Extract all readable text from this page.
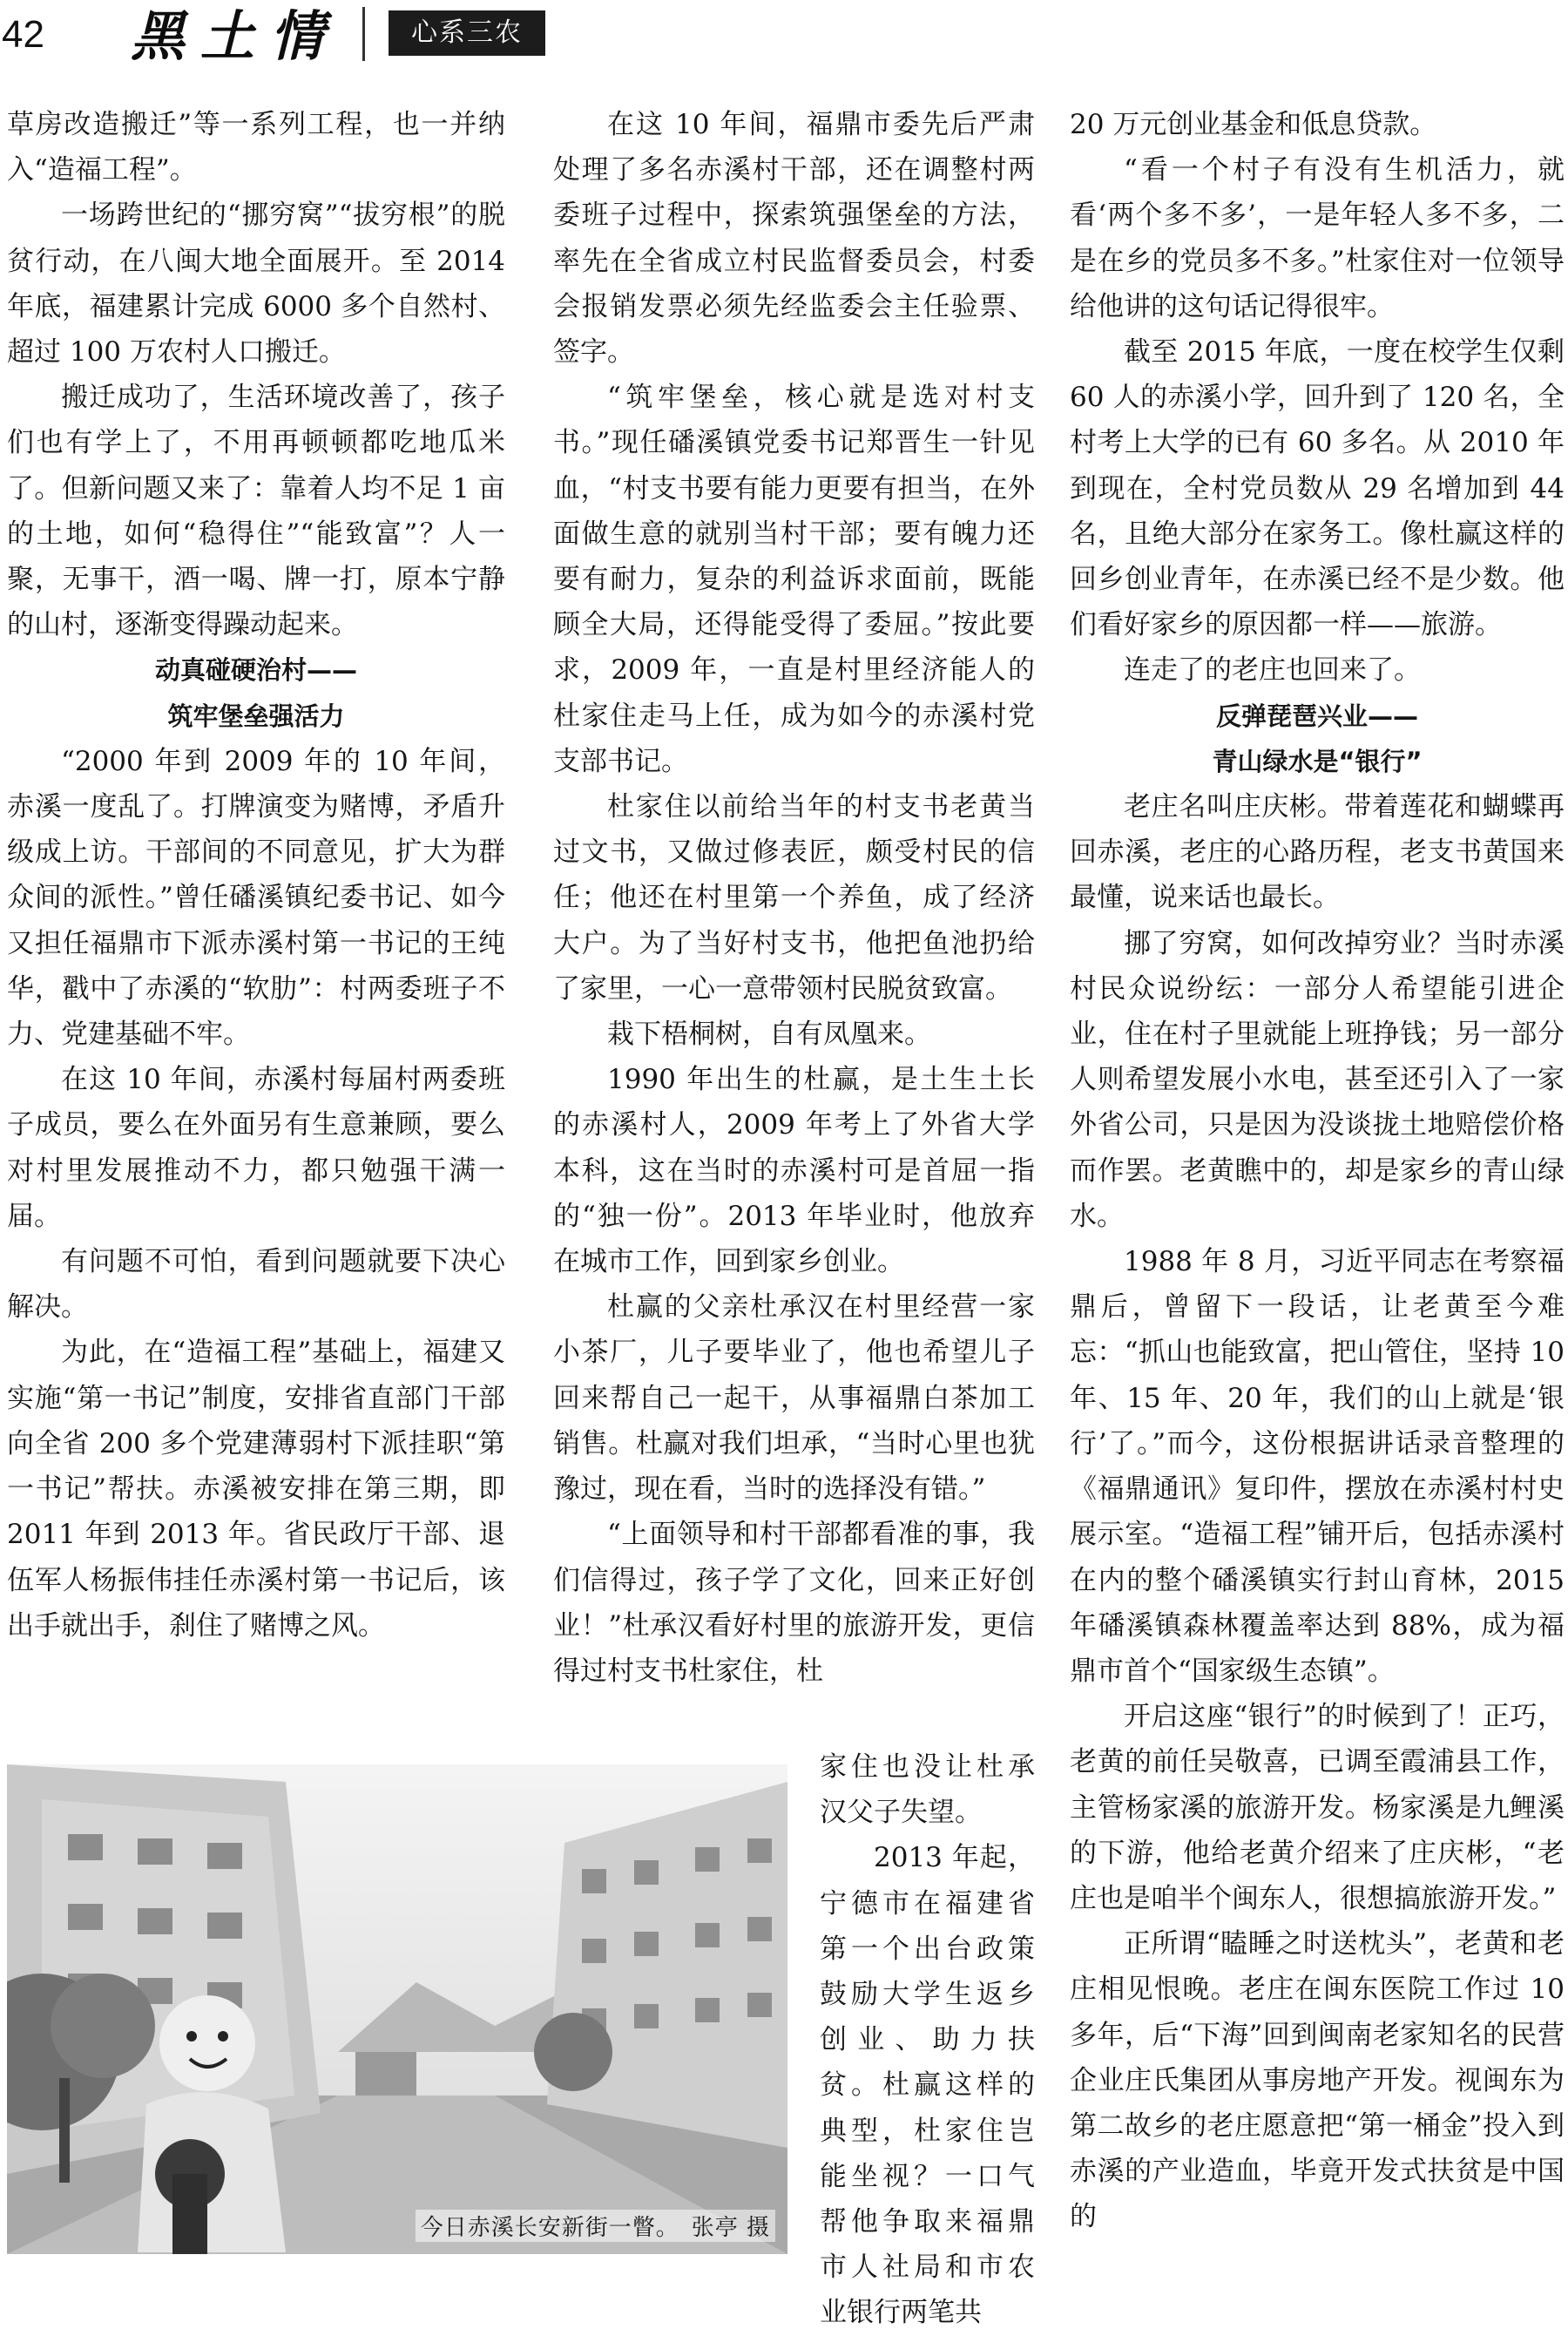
42 黑土情	心系三农

草房改造搬迁”等一系列工程，也一并纳入“造福工程”。

一场跨世纪的“挪穷窝”“拔穷根”的脱贫行动，在八闽大地全面展开。至 2014 年底，福建累计完成 6000 多个自然村、超过 100 万农村人口搬迁。

搬迁成功了，生活环境改善了，孩子们也有学上了，不用再顿顿都吃地瓜米了。但新问题又来了：靠着人均不足 1 亩的土地，如何“稳得住”“能致富”？人一聚，无事干，酒一喝、牌一打，原本宁静的山村，逐渐变得躁动起来。

动真碰硬治村——

筑牢堡垒强活力

“2000 年到 2009 年的 10 年间，赤溪一度乱了。打牌演变为赌博，矛盾升级成上访。干部间的不同意见，扩大为群众间的派性。”曾任磻溪镇纪委书记、如今又担任福鼎市下派赤溪村第一书记的王纯华，戳中了赤溪的“软肋”：村两委班子不力、党建基础不牢。

在这 10 年间，赤溪村每届村两委班子成员，要么在外面另有生意兼顾，要么对村里发展推动不力，都只勉强干满一届。

有问题不可怕，看到问题就要下决心解决。

为此，在“造福工程”基础上，福建又实施“第一书记”制度，安排省直部门干部向全省 200 多个党建薄弱村下派挂职“第一书记”帮扶。赤溪被安排在第三期，即 2011 年到 2013 年。省民政厅干部、退伍军人杨振伟挂任赤溪村第一书记后，该出手就出手，刹住了赌博之风。

在这 10 年间，福鼎市委先后严肃处理了多名赤溪村干部，还在调整村两委班子过程中，探索筑强堡垒的方法，率先在全省成立村民监督委员会，村委会报销发票必须先经监委会主任验票、签字。

“筑牢堡垒，核心就是选对村支书。”现任磻溪镇党委书记郑晋生一针见血，“村支书要有能力更要有担当，在外面做生意的就别当村干部；要有魄力还要有耐力，复杂的利益诉求面前，既能顾全大局，还得能受得了委屈。”按此要求，2009 年，一直是村里经济能人的杜家住走马上任，成为如今的赤溪村党支部书记。

杜家住以前给当年的村支书老黄当过文书，又做过修表匠，颇受村民的信任；他还在村里第一个养鱼，成了经济大户。为了当好村支书，他把鱼池扔给了家里，一心一意带领村民脱贫致富。

栽下梧桐树，自有凤凰来。

1990 年出生的杜赢，是土生土长的赤溪村人，2009 年考上了外省大学本科，这在当时的赤溪村可是首屈一指的“独一份”。2013 年毕业时，他放弃在城市工作，回到家乡创业。

杜赢的父亲杜承汉在村里经营一家小茶厂，儿子要毕业了，他也希望儿子回来帮自己一起干，从事福鼎白茶加工销售。杜赢对我们坦承，“当时心里也犹豫过，现在看，当时的选择没有错。”

“上面领导和村干部都看准的事，我们信得过，孩子学了文化，回来正好创业！”杜承汉看好村里的旅游开发，更信得过村支书杜家住，杜

家住也没让杜承汉父子失望。

2013 年起，宁德市在福建省第一个出台政策鼓励大学生返乡创业、助力扶贫。杜赢这样的典型，杜家住岂能坐视？一口气帮他争取来福鼎市人社局和市农业银行两笔共

20 万元创业基金和低息贷款。

“看一个村子有没有生机活力，就看‘两个多不多’，一是年轻人多不多，二是在乡的党员多不多。”杜家住对一位领导给他讲的这句话记得很牢。

截至 2015 年底，一度在校学生仅剩 60 人的赤溪小学，回升到了 120 名，全村考上大学的已有 60 多名。从 2010 年到现在，全村党员数从 29 名增加到 44 名，且绝大部分在家务工。像杜赢这样的回乡创业青年，在赤溪已经不是少数。他们看好家乡的原因都一样——旅游。

连走了的老庄也回来了。

反弹琵琶兴业——

青山绿水是“银行”

老庄名叫庄庆彬。带着莲花和蝴蝶再回赤溪，老庄的心路历程，老支书黄国来最懂，说来话也最长。

挪了穷窝，如何改掉穷业？当时赤溪村民众说纷纭：一部分人希望能引进企业，住在村子里就能上班挣钱；另一部分人则希望发展小水电，甚至还引入了一家外省公司，只是因为没谈拢土地赔偿价格而作罢。老黄瞧中的，却是家乡的青山绿水。

1988 年 8 月，习近平同志在考察福鼎后，曾留下一段话，让老黄至今难忘：“抓山也能致富，把山管住，坚持 10 年、15 年、20 年，我们的山上就是‘银行’了。”而今，这份根据讲话录音整理的《福鼎通讯》复印件，摆放在赤溪村村史展示室。“造福工程”铺开后，包括赤溪村在内的整个磻溪镇实行封山育林，2015 年磻溪镇森林覆盖率达到 88%，成为福鼎市首个“国家级生态镇”。

开启这座“银行”的时候到了！正巧，老黄的前任吴敬喜，已调至霞浦县工作，主管杨家溪的旅游开发。杨家溪是九鲤溪的下游，他给老黄介绍来了庄庆彬，“老庄也是咱半个闽东人，很想搞旅游开发。”

正所谓“瞌睡之时送枕头”，老黄和老庄相见恨晚。老庄在闽东医院工作过 10 多年，后“下海”回到闽南老家知名的民营企业庄氏集团从事房地产开发。视闽东为第二故乡的老庄愿意把“第一桶金”投入到赤溪的产业造血，毕竟开发式扶贫是中国的

今日赤溪长安新街一瞥。　张亭 摄
